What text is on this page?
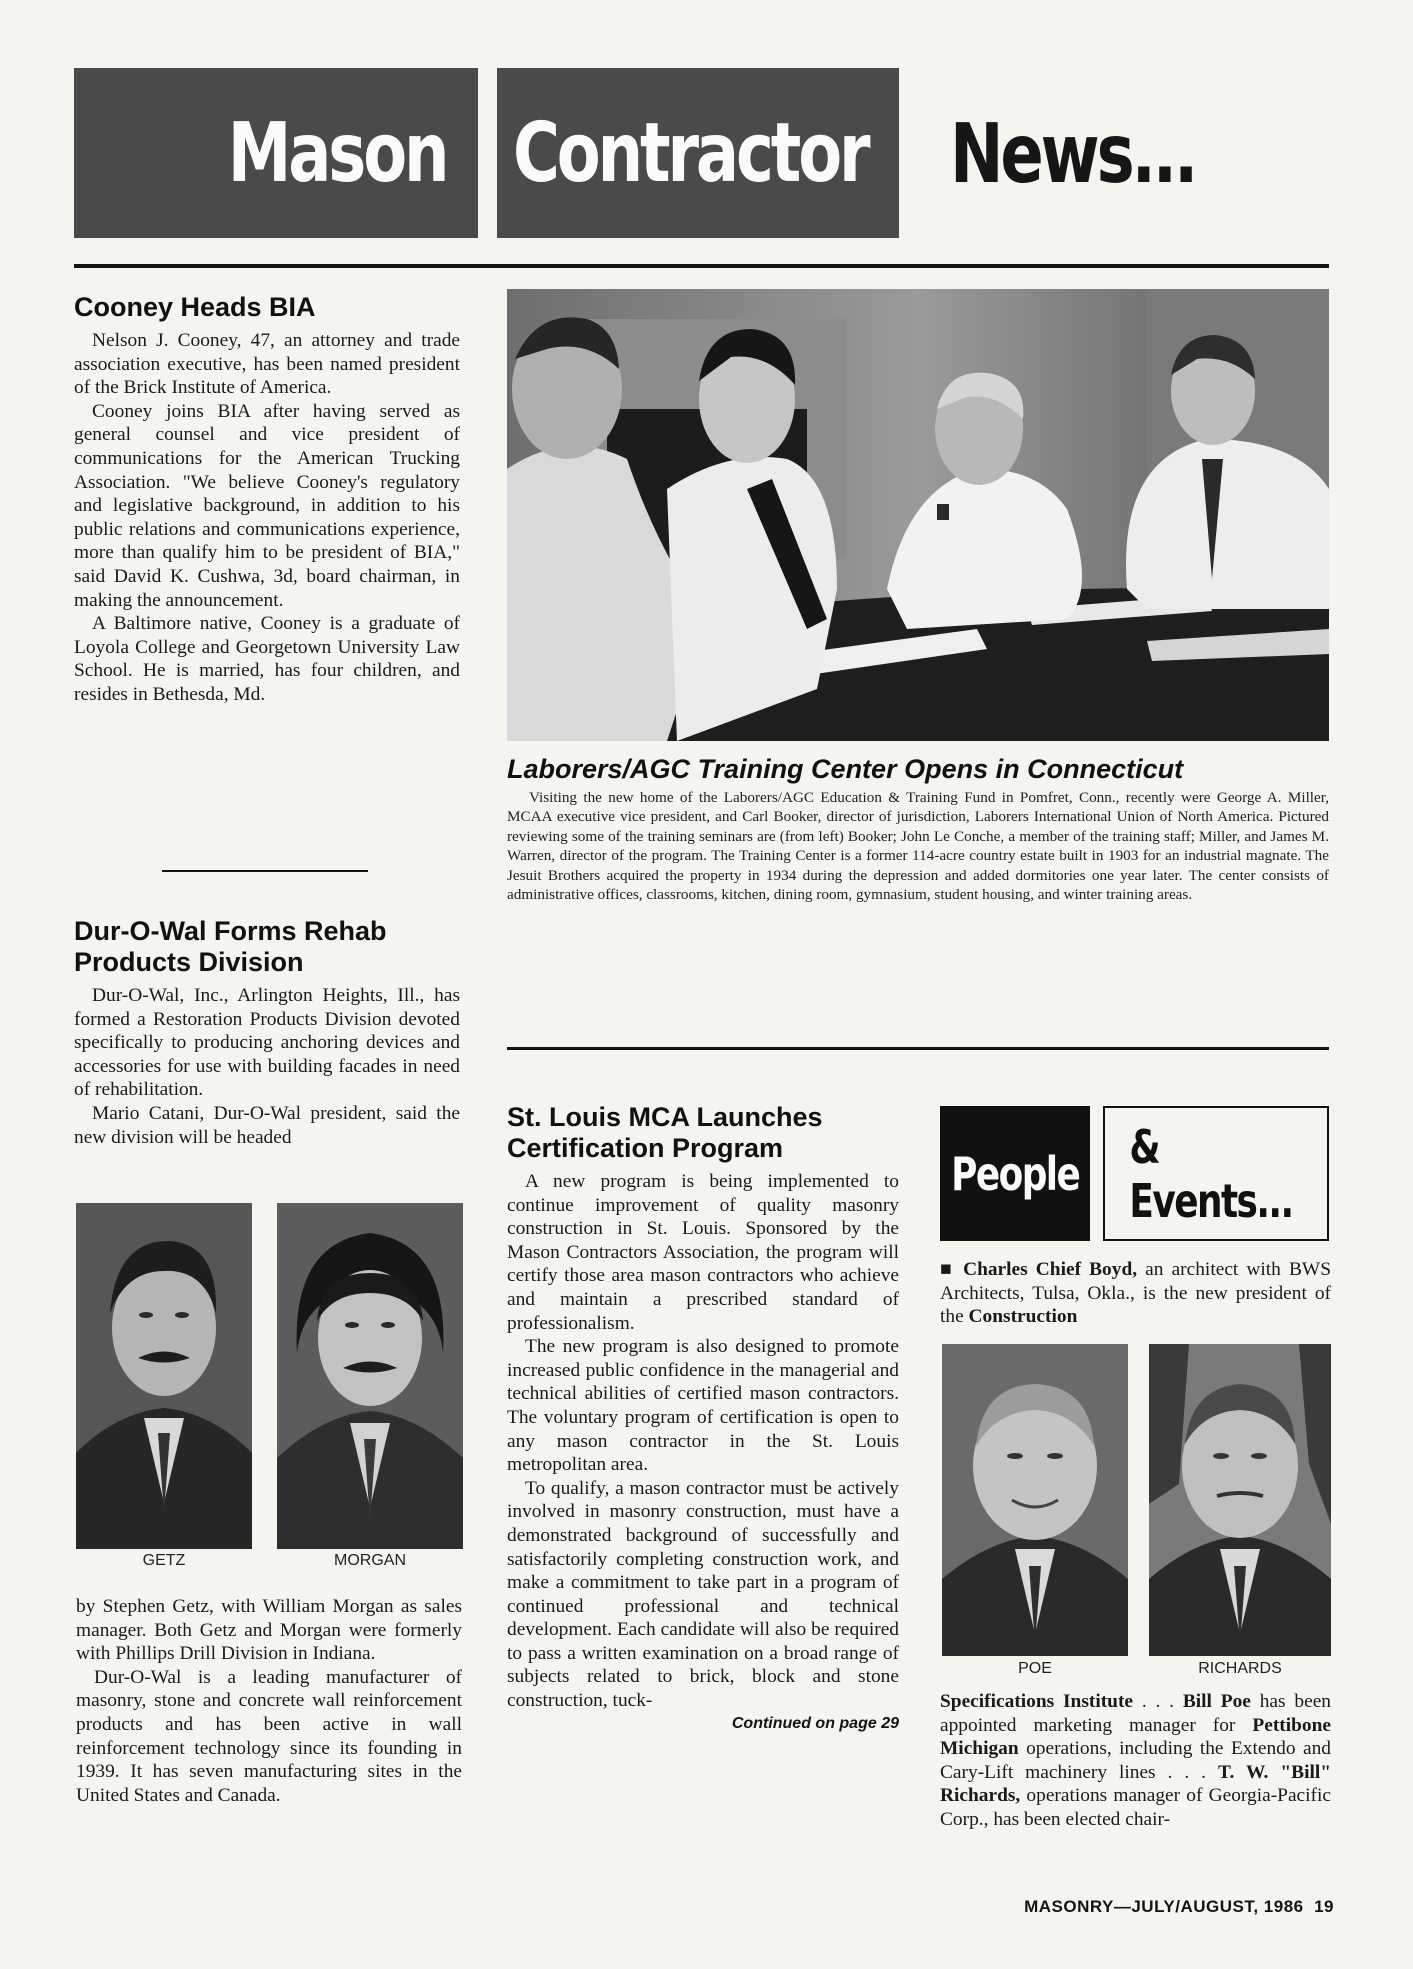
Mason Contractor News...
Cooney Heads BIA

Nelson J. Cooney, 47, an attorney and trade association executive, has been named president of the Brick Institute of America.

Cooney joins BIA after having served as general counsel and vice president of communications for the American Trucking Association. "We believe Cooney's regulatory and legislative background, in addition to his public relations and communications experience, more than qualify him to be president of BIA," said David K. Cushwa, 3d, board chairman, in making the announcement.

A Baltimore native, Cooney is a graduate of Loyola College and Georgetown University Law School. He is married, has four children, and resides in Bethesda, Md.

Dur-O-Wal Forms Rehab Products Division

Dur-O-Wal, Inc., Arlington Heights, Ill., has formed a Restoration Products Division devoted specifically to producing anchoring devices and accessories for use with building facades in need of rehabilitation.

Mario Catani, Dur-O-Wal president, said the new division will be headed

GETZ	MORGAN

by Stephen Getz, with William Morgan as sales manager. Both Getz and Morgan were formerly with Phillips Drill Division in Indiana.

Dur-O-Wal is a leading manufacturer of masonry, stone and concrete wall reinforcement products and has been active in wall reinforcement technology since its founding in 1939. It has seven manufacturing sites in the United States and Canada.

Laborers/AGC Training Center Opens in Connecticut

Visiting the new home of the Laborers/AGC Education & Training Fund in Pomfret, Conn., recently were George A. Miller, MCAA executive vice president, and Carl Booker, director of jurisdiction, Laborers International Union of North America. Pictured reviewing some of the training seminars are (from left) Booker; John Le Conche, a member of the training staff; Miller, and James M. Warren, director of the program. The Training Center is a former 114-acre country estate built in 1903 for an industrial magnate. The Jesuit Brothers acquired the property in 1934 during the depression and added dormitories one year later. The center consists of administrative offices, classrooms, kitchen, dining room, gymnasium, student housing, and winter training areas.

St. Louis MCA Launches Certification Program

A new program is being implemented to continue improvement of quality masonry construction in St. Louis. Sponsored by the Mason Contractors Association, the program will certify those area mason contractors who achieve and maintain a prescribed standard of professionalism.

The new program is also designed to promote increased public confidence in the managerial and technical abilities of certified mason contractors. The voluntary program of certification is open to any mason contractor in the St. Louis metropolitan area.

To qualify, a mason contractor must be actively involved in masonry construction, must have a demonstrated background of successfully and satisfactorily completing construction work, and make a commitment to take part in a program of continued professional and technical development. Each candidate will also be required to pass a written examination on a broad range of subjects related to brick, block and stone construction, tuck-

Continued on page 29
People & Events...
■ Charles Chief Boyd, an architect with BWS Architects, Tulsa, Okla., is the new president of the Construction
POE	RICHARDS
Specifications Institute . . . Bill Poe has been appointed marketing manager for Pettibone Michigan operations, including the Extendo and Cary-Lift machinery lines . . . T. W. "Bill" Richards, operations manager of Georgia-Pacific Corp., has been elected chair-
MASONRY—JULY/AUGUST, 1986 19
